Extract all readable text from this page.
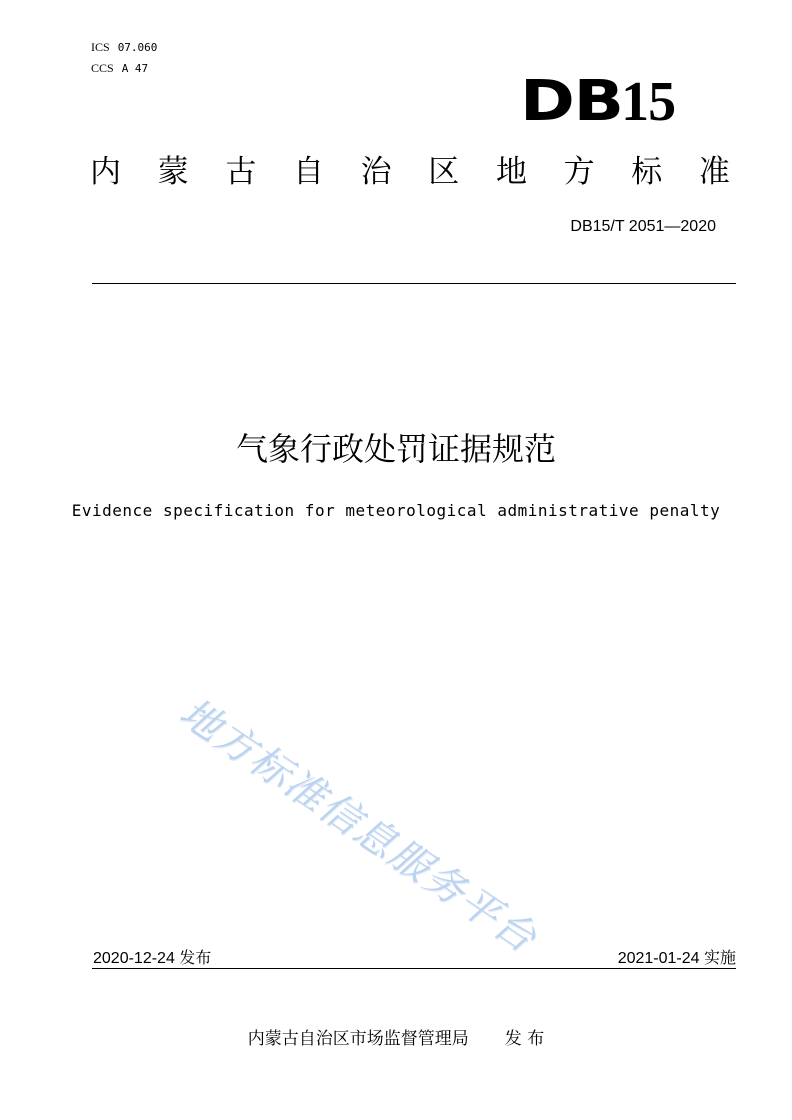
ICS 07.060
CCS A 47
DB15
内 蒙 古 自 治 区 地 方 标 准
DB15/T 2051—2020
气象行政处罚证据规范
Evidence specification for meteorological administrative penalty
地方标准信息服务平台
2020-12-24 发布	2021-01-24 实施
内蒙古自治区市场监督管理局 发 布
